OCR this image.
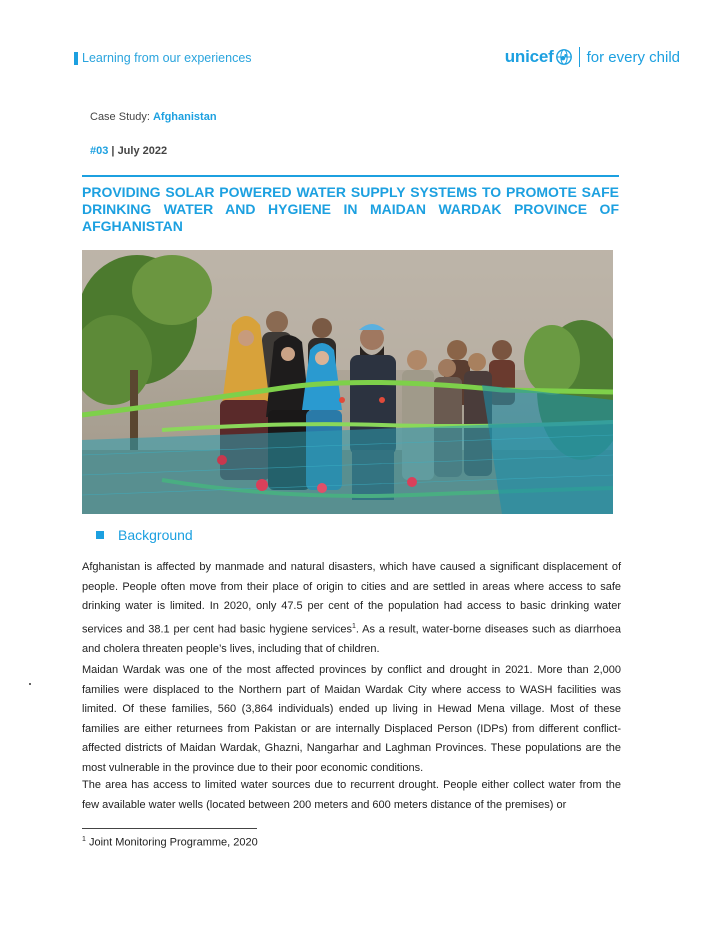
Learning from our experiences	unicef for every child
Case Study: Afghanistan
#03 | July 2022
PROVIDING SOLAR POWERED WATER SUPPLY SYSTEMS TO PROMOTE SAFE DRINKING WATER AND HYGIENE IN MAIDAN WARDAK PROVINCE OF AFGHANISTAN
Background

Afghanistan is affected by manmade and natural disasters, which have caused a significant displacement of people. People often move from their place of origin to cities and are settled in areas where access to safe drinking water is limited. In 2020, only 47.5 per cent of the population had access to basic drinking water services and 38.1 per cent had basic hygiene services$^1$. As a result, water-borne diseases such as diarrhoea and cholera threaten people’s lives, including that of children.

Maidan Wardak was one of the most affected provinces by conflict and drought in 2021. More than 2,000 families were displaced to the Northern part of Maidan Wardak City where access to WASH facilities was limited. Of these families, 560 (3,864 individuals) ended up living in Hewad Mena village. Most of these families are either returnees from Pakistan or are internally Displaced Person (IDPs) from different conflict-affected districts of Maidan Wardak, Ghazni, Nangarhar and Laghman Provinces. These populations are the most vulnerable in the province due to their poor economic conditions.

The area has access to limited water sources due to recurrent drought. People either collect water from the few available water wells (located between 200 meters and 600 meters distance of the premises) or

$^1$ Joint Monitoring Programme, 2020
